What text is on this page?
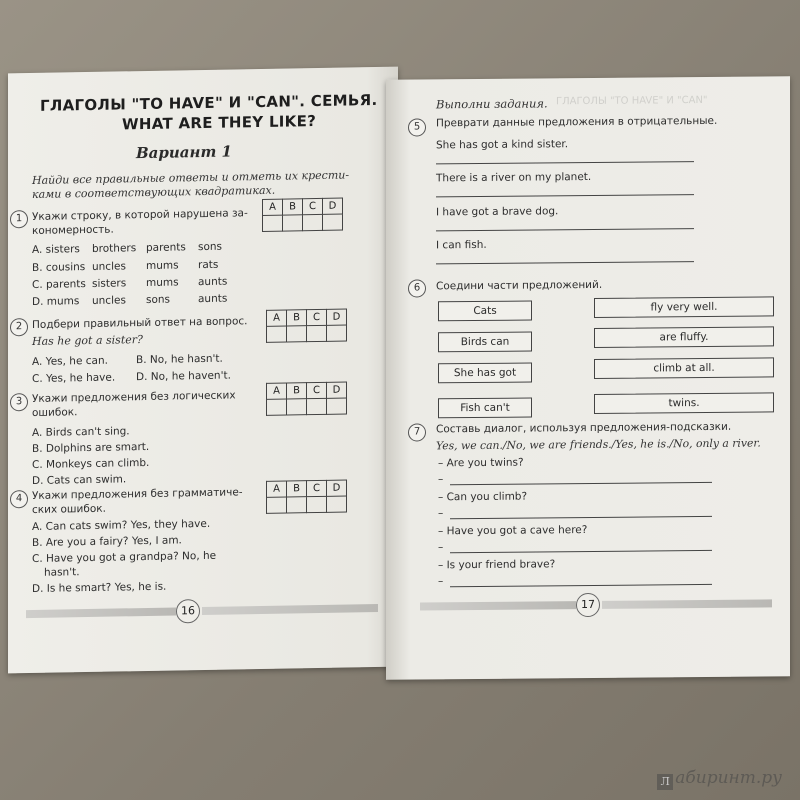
ГЛАГОЛЫ "TO HAVE" И "CAN". СЕМЬЯ.
WHAT ARE THEY LIKE?
Вариант 1
Найди все правильные ответы и отметь их крести-
ками в соответствующих квадратиках.
1 Укажи строку, в которой нарушена за-
кономерность.
A	B	C	D

A. sisters brothers parents sons
B. cousins uncles mums rats
C. parents sisters mums aunts
D. mums uncles sons	aunts
2 Подбери правильный ответ на вопрос.
Has he got a sister?
A	B	C	D

A. Yes, he can.	B. No, he hasn't.
C. Yes, he have. D. No, he haven't.
3 Укажи предложения без логических
ошибок.
A	B	C	D

A. Birds can't sing.
B. Dolphins are smart.
C. Monkeys can climb.
D. Cats can swim.
4 Укажи предложения без грамматиче-
ских ошибок.
A	B	C	D

A. Can cats swim? Yes, they have.
B. Are you a fairy? Yes, I am.
C. Have you got a grandpa? No, he
hasn't.
D. Is he smart? Yes, he is.
16
ГЛАГОЛЫ "TO HAVE" И "CAN"
Выполни задания.
5	Преврати данные предложения в отрицательные.
She has got a kind sister.
There is a river on my planet.
I have got a brave dog.
I can fish.
6	Соедини части предложений.
Cats
Birds can
She has got
Fish can't
fly very well.
are fluffy.
climb at all.
twins.
7	Составь диалог, используя предложения-подсказки.
Yes, we can./No, we are friends./Yes, he is./No, only a river.
– Are you twins?
–
– Can you climb?
–
– Have you got a cave here?
–
– Is your friend brave?
–
17
Л абиринт.ру
